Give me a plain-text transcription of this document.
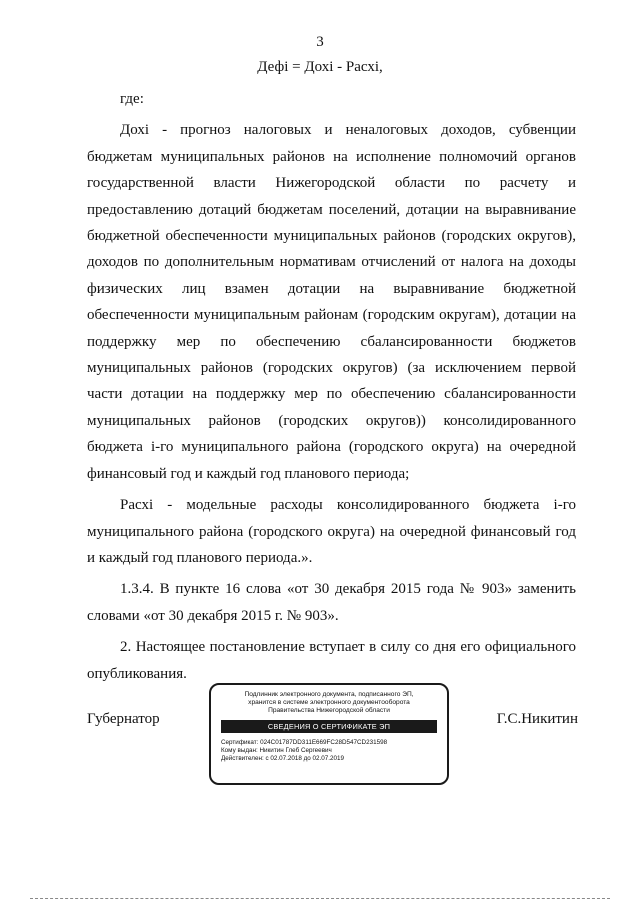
3
Дефi = Дохi - Расхi,

где:

Дохi - прогноз налоговых и неналоговых доходов, субвенции бюджетам муниципальных районов на исполнение полномочий органов государственной власти Нижегородской области по расчету и предоставлению дотаций бюджетам поселений, дотации на выравнивание бюджетной обеспеченности муниципальных районов (городских округов), доходов по дополнительным нормативам отчислений от налога на доходы физических лиц взамен дотации на выравнивание бюджетной обеспеченности муниципальным районам (городским округам), дотации на поддержку мер по обеспечению сбалансированности бюджетов муниципальных районов (городских округов) (за исключением первой части дотации на поддержку мер по обеспечению сбалансированности муниципальных районов (городских округов)) консолидированного бюджета i-го муниципального района (городского округа) на очередной финансовый год и каждый год планового периода;

Расхi - модельные расходы консолидированного бюджета i-го муниципального района (городского округа) на очередной финансовый год и каждый год планового периода.».

1.3.4. В пункте 16 слова «от 30 декабря 2015 года № 903» заменить словами «от 30 декабря 2015 г. № 903».

2. Настоящее постановление вступает в силу со дня его официального опубликования.

Губернатор	Г.С.Никитин
Подлинник электронного документа, подписанного ЭП,
хранится в системе электронного документооборота
Правительства Нижегородской области
СВЕДЕНИЯ О СЕРТИФИКАТЕ ЭП
Сертификат: 024C01787DD311E669FC28D547CD231598
Кому выдан: Никитин Глеб Сергеевич
Действителен: с 02.07.2018 до 02.07.2019
